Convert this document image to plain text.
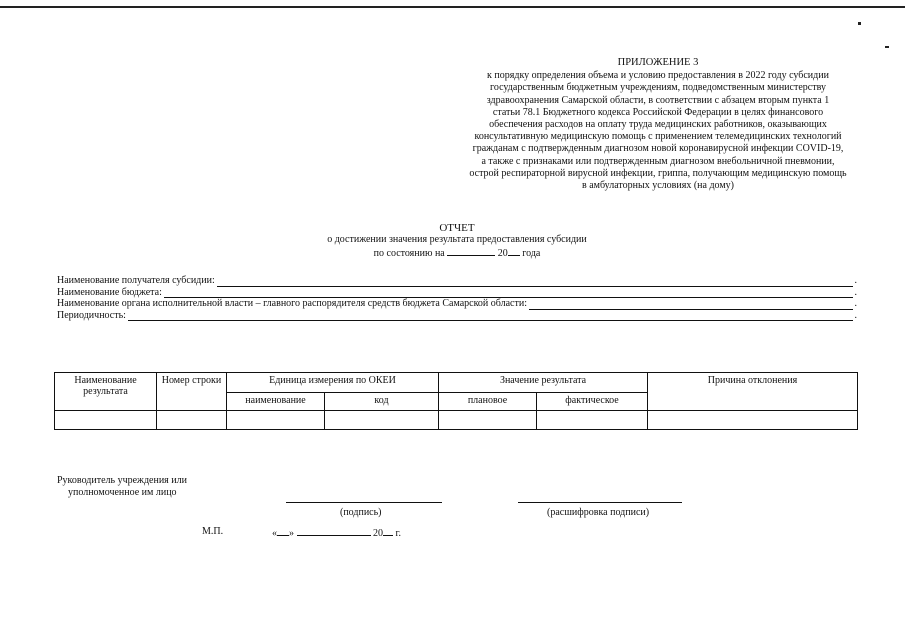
ПРИЛОЖЕНИЕ 3
к порядку определения объема и условию предоставления в 2022 году субсидии
государственным бюджетным учреждениям, подведомственным министерству
здравоохранения Самарской области, в соответствии с абзацем вторым пункта 1
статьи 78.1 Бюджетного кодекса Российской Федерации в целях финансового
обеспечения расходов на оплату труда медицинских работников, оказывающих
консультативную медицинскую помощь с применением телемедицинских технологий
гражданам с подтвержденным диагнозом новой коронавирусной инфекции COVID-19,
а также с признаками или подтвержденным диагнозом внебольничной пневмонии,
острой респираторной вирусной инфекции, гриппа, получающим медицинскую помощь
в амбулаторных условиях (на дому)
ОТЧЕТ
о достижении значения результата предоставления субсидии
по состоянию на	20 года
Наименование получателя субсидии:	.
Наименование бюджета:	.
Наименование органа исполнительной власти – главного распорядителя средств бюджета Самарской области:	.
Периодичность:	.
Наименование результата	Номер строки	Единица измерения по ОКЕИ		Значение результата		Причина отклонения
		наименование	код	плановое	фактическое	

Руководитель учреждения или
уполномоченное им лицо
(подпись)	(расшифровка подписи)
М.П.	« »	20 г.
